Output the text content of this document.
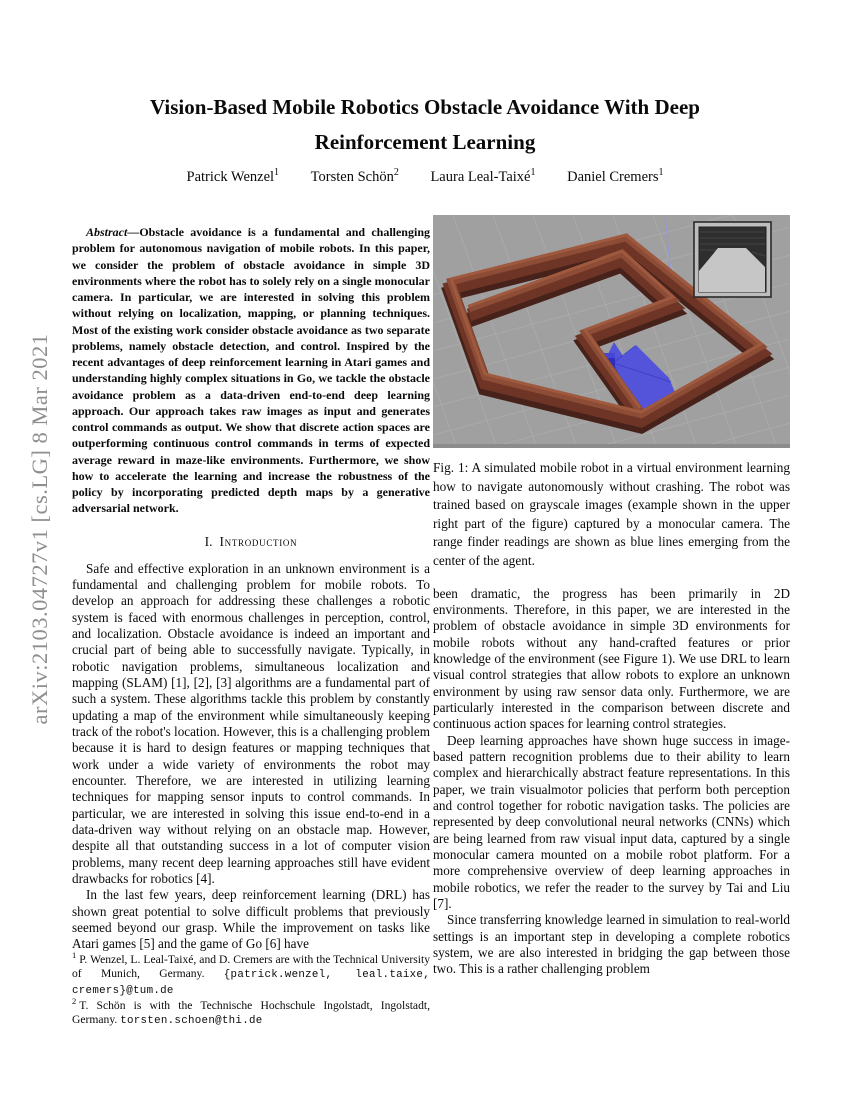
arXiv:2103.04727v1 [cs.LG] 8 Mar 2021
Vision-Based Mobile Robotics Obstacle Avoidance With Deep Reinforcement Learning
Patrick Wenzel$^1$ Torsten Schön$^2$ Laura Leal-Taixé$^1$ Daniel Cremers$^1$

Abstract—Obstacle avoidance is a fundamental and challenging problem for autonomous navigation of mobile robots. In this paper, we consider the problem of obstacle avoidance in simple 3D environments where the robot has to solely rely on a single monocular camera. In particular, we are interested in solving this problem without relying on localization, mapping, or planning techniques. Most of the existing work consider obstacle avoidance as two separate problems, namely obstacle detection, and control. Inspired by the recent advantages of deep reinforcement learning in Atari games and understanding highly complex situations in Go, we tackle the obstacle avoidance problem as a data-driven end-to-end deep learning approach. Our approach takes raw images as input and generates control commands as output. We show that discrete action spaces are outperforming continuous control commands in terms of expected average reward in maze-like environments. Furthermore, we show how to accelerate the learning and increase the robustness of the policy by incorporating predicted depth maps by a generative adversarial network.

I. Introduction

Safe and effective exploration in an unknown environment is a fundamental and challenging problem for mobile robots. To develop an approach for addressing these challenges a robotic system is faced with enormous challenges in perception, control, and localization. Obstacle avoidance is indeed an important and crucial part of being able to successfully navigate. Typically, in robotic navigation problems, simultaneous localization and mapping (SLAM) [1], [2], [3] algorithms are a fundamental part of such a system. These algorithms tackle this problem by constantly updating a map of the environment while simultaneously keeping track of the robot's location. However, this is a challenging problem because it is hard to design features or mapping techniques that work under a wide variety of environments the robot may encounter. Therefore, we are interested in utilizing learning techniques for mapping sensor inputs to control commands. In particular, we are interested in solving this issue end-to-end in a data-driven way without relying on an obstacle map. However, despite all that outstanding success in a lot of computer vision problems, many recent deep learning approaches still have evident drawbacks for robotics [4].

In the last few years, deep reinforcement learning (DRL) has shown great potential to solve difficult problems that previously seemed beyond our grasp. While the improvement on tasks like Atari games [5] and the game of Go [6] have

$^1$ P. Wenzel, L. Leal-Taixé, and D. Cremers are with the Technical University of Munich, Germany. {patrick.wenzel, leal.taixe, cremers}@tum.de

$^2$ T. Schön is with the Technische Hochschule Ingolstadt, Ingolstadt, Germany. torsten.schoen@thi.de

Fig. 1: A simulated mobile robot in a virtual environment learning how to navigate autonomously without crashing. The robot was trained based on grayscale images (example shown in the upper right part of the figure) captured by a monocular camera. The range finder readings are shown as blue lines emerging from the center of the agent.

been dramatic, the progress has been primarily in 2D environments. Therefore, in this paper, we are interested in the problem of obstacle avoidance in simple 3D environments for mobile robots without any hand-crafted features or prior knowledge of the environment (see Figure 1). We use DRL to learn visual control strategies that allow robots to explore an unknown environment by using raw sensor data only. Furthermore, we are particularly interested in the comparison between discrete and continuous action spaces for learning control strategies.

Deep learning approaches have shown huge success in image-based pattern recognition problems due to their ability to learn complex and hierarchically abstract feature representations. In this paper, we train visualmotor policies that perform both perception and control together for robotic navigation tasks. The policies are represented by deep convolutional neural networks (CNNs) which are being learned from raw visual input data, captured by a single monocular camera mounted on a mobile robot platform. For a more comprehensive overview of deep learning approaches in mobile robotics, we refer the reader to the survey by Tai and Liu [7].

Since transferring knowledge learned in simulation to real-world settings is an important step in developing a complete robotics system, we are also interested in bridging the gap between those two. This is a rather challenging problem
